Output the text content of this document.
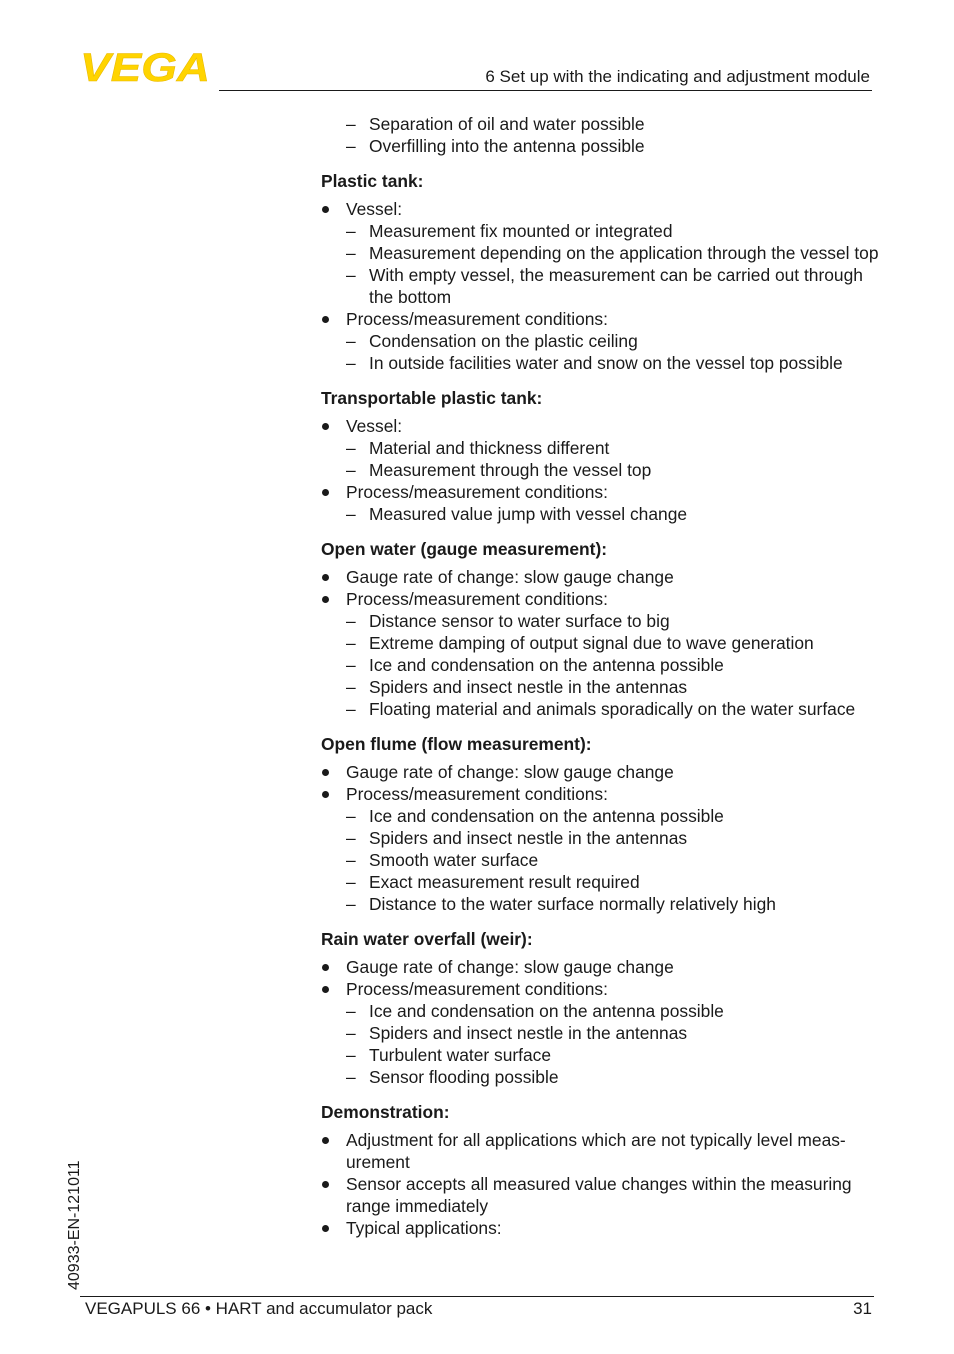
VEGA	6 Set up with the indicating and adjustment module
– Separation of oil and water possible
– Overfilling into the antenna possible
Plastic tank:
Vessel:
– Measurement fix mounted or integrated
– Measurement depending on the application through the vessel top
– With empty vessel, the measurement can be carried out through the bottom
Process/measurement conditions:
– Condensation on the plastic ceiling
– In outside facilities water and snow on the vessel top possible
Transportable plastic tank:
Vessel:
– Material and thickness different
– Measurement through the vessel top
Process/measurement conditions:
– Measured value jump with vessel change
Open water (gauge measurement):
Gauge rate of change: slow gauge change
Process/measurement conditions:
– Distance sensor to water surface to big
– Extreme damping of output signal due to wave generation
– Ice and condensation on the antenna possible
– Spiders and insect nestle in the antennas
– Floating material and animals sporadically on the water surface
Open flume (flow measurement):
Gauge rate of change: slow gauge change
Process/measurement conditions:
– Ice and condensation on the antenna possible
– Spiders and insect nestle in the antennas
– Smooth water surface
– Exact measurement result required
– Distance to the water surface normally relatively high
Rain water overfall (weir):
Gauge rate of change: slow gauge change
Process/measurement conditions:
– Ice and condensation on the antenna possible
– Spiders and insect nestle in the antennas
– Turbulent water surface
– Sensor flooding possible
Demonstration:
Adjustment for all applications which are not typically level meas-urement
Sensor accepts all measured value changes within the measuring range immediately
Typical applications:
40933-EN-121011
VEGAPULS 66 • HART and accumulator pack	31
